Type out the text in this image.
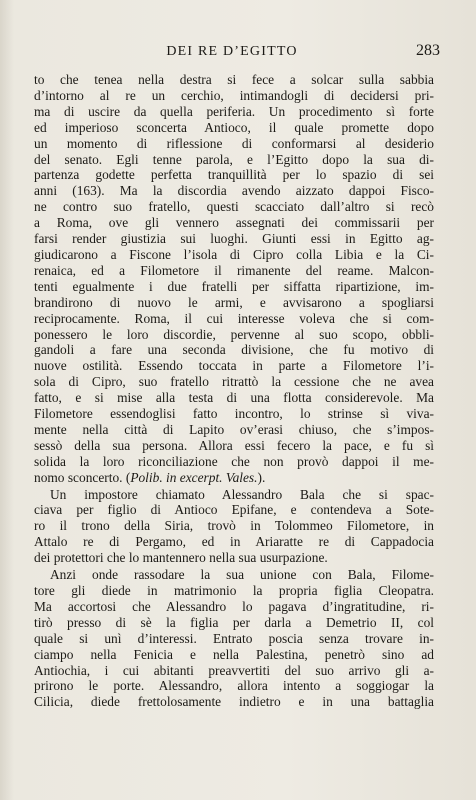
DEI RE D’EGITTO	283
to che tenea nella destra si fece a solcar sulla sabbia
d’intorno al re un cerchio, intimandogli di decidersi pri-
ma di uscire da quella periferia. Un procedimento sì forte
ed imperioso sconcerta Antioco, il quale promette dopo
un momento di riflessione di conformarsi al desiderio
del senato. Egli tenne parola, e l’Egitto dopo la sua di-
partenza godette perfetta tranquillità per lo spazio di sei
anni (163). Ma la discordia avendo aizzato dappoi Fisco-
ne contro suo fratello, questi scacciato dall’altro si recò
a Roma, ove gli vennero assegnati dei commissarii per
farsi render giustizia sui luoghi. Giunti essi in Egitto ag-
giudicarono a Fiscone l’isola di Cipro colla Libia e la Ci-
renaica, ed a Filometore il rimanente del reame. Malcon-
tenti egualmente i due fratelli per siffatta ripartizione, im-
brandirono di nuovo le armi, e avvisarono a spogliarsi
reciprocamente. Roma, il cui interesse voleva che si com-
ponessero le loro discordie, pervenne al suo scopo, obbli-
gandoli a fare una seconda divisione, che fu motivo di
nuove ostilità. Essendo toccata in parte a Filometore l’i-
sola di Cipro, suo fratello ritrattò la cessione che ne avea
fatto, e si mise alla testa di una flotta considerevole. Ma
Filometore essendoglisi fatto incontro, lo strinse sì viva-
mente nella città di Lapito ov’erasi chiuso, che s’impos-
sessò della sua persona. Allora essi fecero la pace, e fu sì
solida la loro riconciliazione che non provò dappoi il me-
nomo sconcerto. (Polib. in excerpt. Vales.).
Un impostore chiamato Alessandro Bala che si spac-
ciava per figlio di Antioco Epifane, e contendeva a Sote-
ro il trono della Siria, trovò in Tolommeo Filometore, in
Attalo re di Pergamo, ed in Ariaratte re di Cappadocia
dei protettori che lo mantennero nella sua usurpazione.
Anzi onde rassodare la sua unione con Bala, Filome-
tore gli diede in matrimonio la propria figlia Cleopatra.
Ma accortosi che Alessandro lo pagava d’ingratitudine, ri-
tirò presso di sè la figlia per darla a Demetrio II, col
quale si unì d’interessi. Entrato poscia senza trovare in-
ciampo nella Fenicia e nella Palestina, penetrò sino ad
Antiochia, i cui abitanti preavvertiti del suo arrivo gli a-
prirono le porte. Alessandro, allora intento a soggiogar la
Cilicia, diede frettolosamente indietro e in una battaglia
